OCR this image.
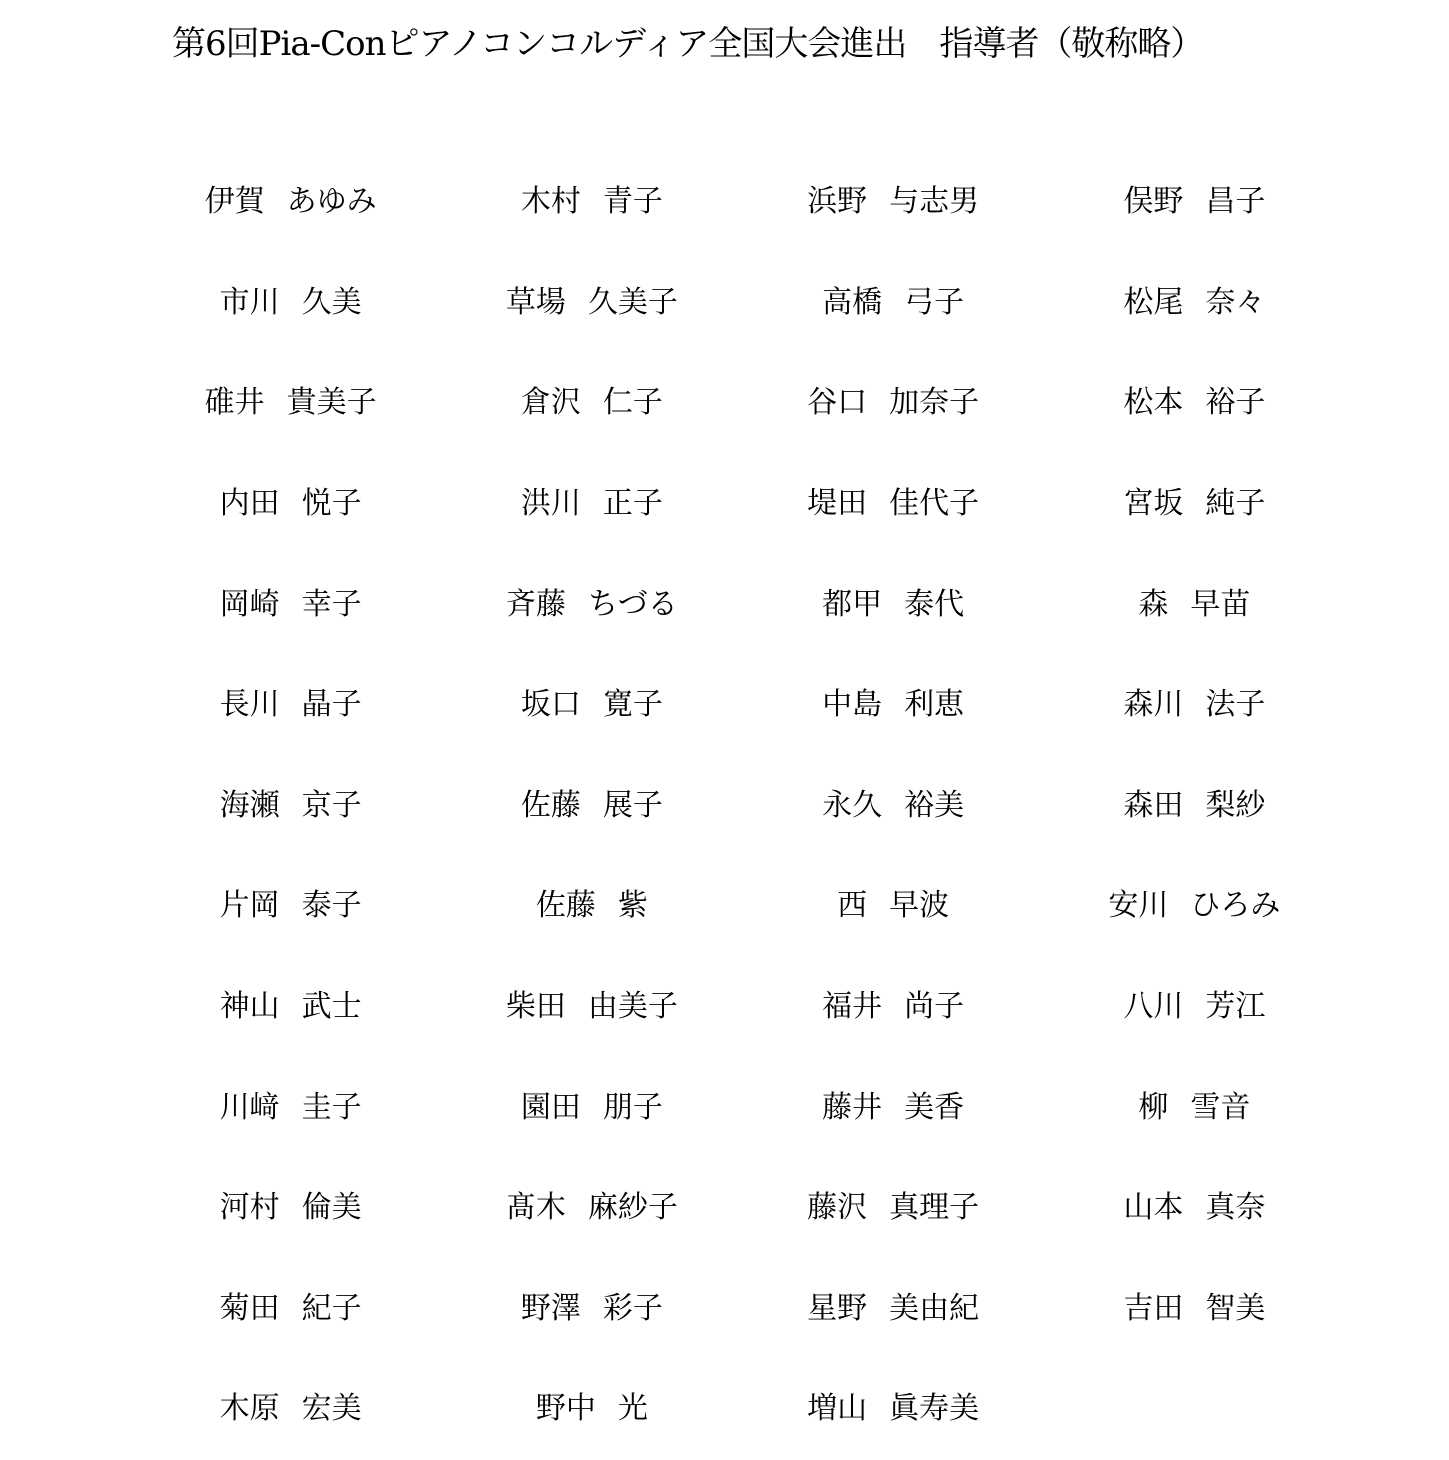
第6回Pia-Conピアノコンコルディア全国大会進出　指導者（敬称略）
伊賀 あゆみ	木村 青子	浜野 与志男	俣野 昌子
市川 久美	草場 久美子	高橋 弓子	松尾 奈々
碓井 貴美子	倉沢 仁子	谷口 加奈子	松本 裕子
内田 悦子	洪川 正子	堤田 佳代子	宮坂 純子
岡崎 幸子	斉藤 ちづる	都甲 泰代	森 早苗
長川 晶子	坂口 寛子	中島 利恵	森川 法子
海瀬 京子	佐藤 展子	永久 裕美	森田 梨紗
片岡 泰子	佐藤 紫	西 早波	安川 ひろみ
神山 武士	柴田 由美子	福井 尚子	八川 芳江
川﨑 圭子	園田 朋子	藤井 美香	柳 雪音
河村 倫美	髙木 麻紗子	藤沢 真理子	山本 真奈
菊田 紀子	野澤 彩子	星野 美由紀	吉田 智美
木原 宏美	野中 光	増山 眞寿美
